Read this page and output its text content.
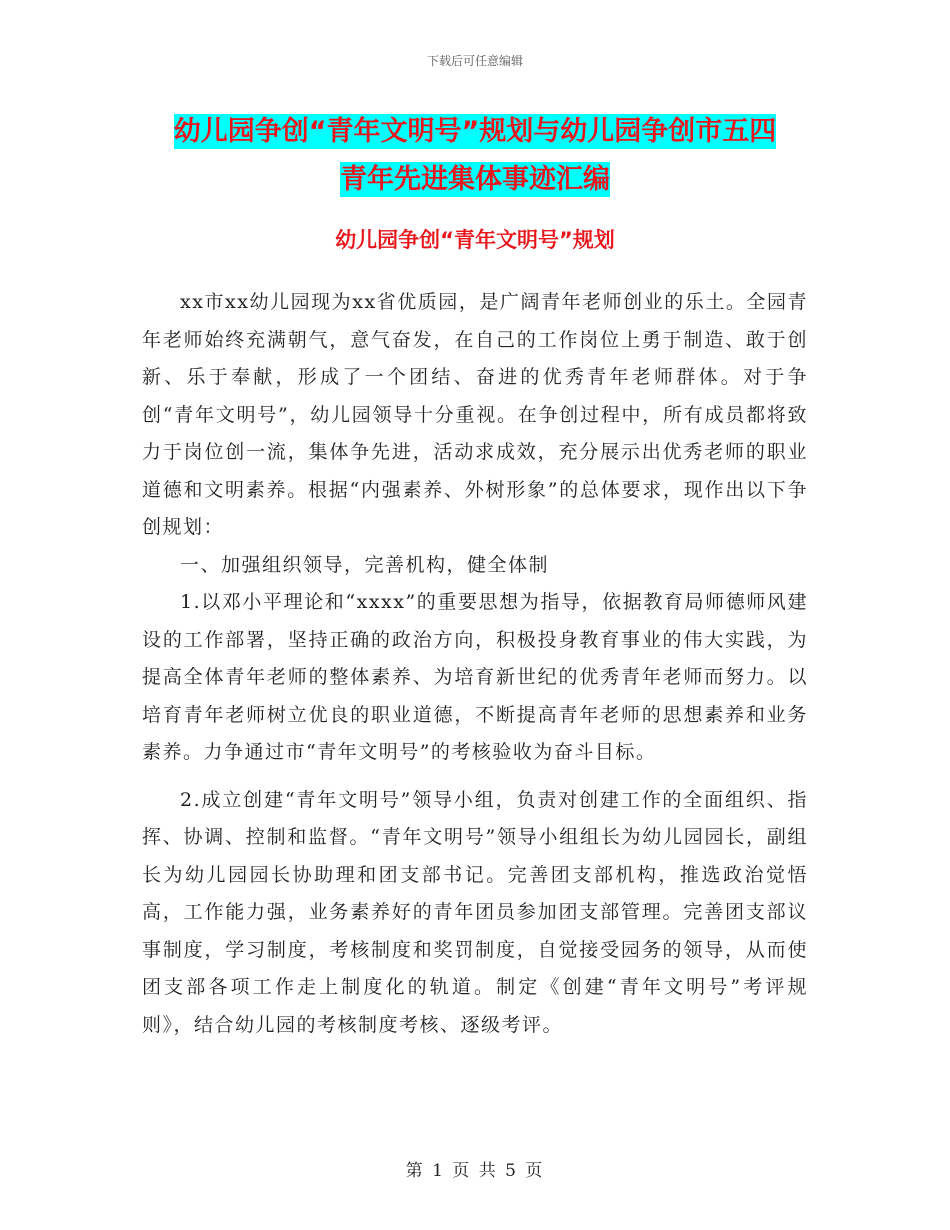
下载后可任意编辑
幼儿园争创“青年文明号”规划与幼儿园争创市五四
青年先进集体事迹汇编
幼儿园争创“青年文明号”规划

xx市xx幼儿园现为xx省优质园，是广阔青年老师创业的乐土。全园青年老师始终充满朝气，意气奋发，在自己的工作岗位上勇于制造、敢于创新、乐于奉献，形成了一个团结、奋进的优秀青年老师群体。对于争创“青年文明号”，幼儿园领导十分重视。在争创过程中，所有成员都将致力于岗位创一流，集体争先进，活动求成效，充分展示出优秀老师的职业道德和文明素养。根据“内强素养、外树形象”的总体要求，现作出以下争创规划：

一、加强组织领导，完善机构，健全体制

1.以邓小平理论和“xxxx”的重要思想为指导，依据教育局师德师风建设的工作部署，坚持正确的政治方向，积极投身教育事业的伟大实践，为提高全体青年老师的整体素养、为培育新世纪的优秀青年老师而努力。以培育青年老师树立优良的职业道德，不断提高青年老师的思想素养和业务素养。力争通过市“青年文明号”的考核验收为奋斗目标。

2.成立创建“青年文明号”领导小组，负责对创建工作的全面组织、指挥、协调、控制和监督。“青年文明号”领导小组组长为幼儿园园长，副组长为幼儿园园长协助理和团支部书记。完善团支部机构，推选政治觉悟高，工作能力强，业务素养好的青年团员参加团支部管理。完善团支部议事制度，学习制度，考核制度和奖罚制度，自觉接受园务的领导，从而使团支部各项工作走上制度化的轨道。制定《创建“青年文明号”考评规则》，结合幼儿园的考核制度考核、逐级考评。

第 1 页 共 5 页
